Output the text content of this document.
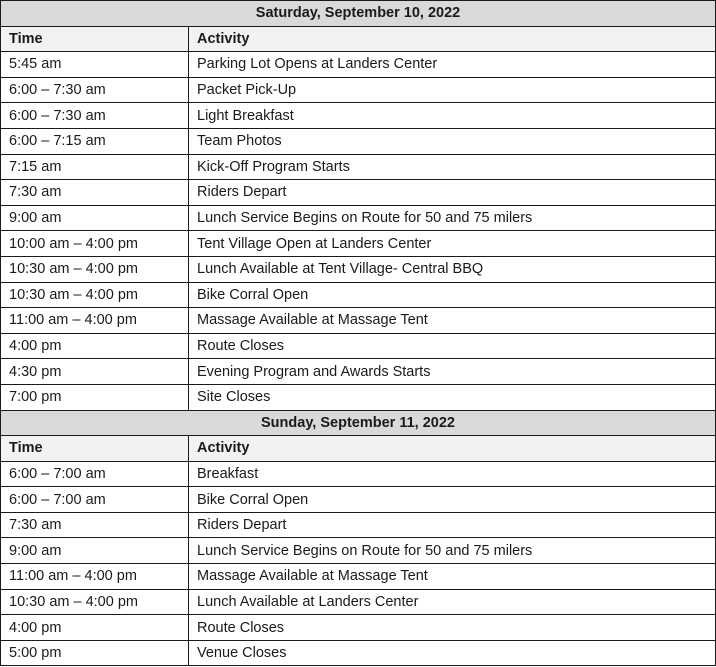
Saturday, September 10, 2022	
Time	Activity
5:45 am	Parking Lot Opens at Landers Center
6:00 – 7:30 am	Packet Pick-Up
6:00 – 7:30 am	Light Breakfast
6:00 – 7:15 am	Team Photos
7:15 am	Kick-Off Program Starts
7:30 am	Riders Depart
9:00 am	Lunch Service Begins on Route for 50 and 75 milers
10:00 am – 4:00 pm	Tent Village Open at Landers Center
10:30 am – 4:00 pm	Lunch Available at Tent Village- Central BBQ
10:30 am – 4:00 pm	Bike Corral Open
11:00 am – 4:00 pm	Massage Available at Massage Tent
4:00 pm	Route Closes
4:30 pm	Evening Program and Awards Starts
7:00 pm	Site Closes
Sunday, September 11, 2022	
Time	Activity
6:00 – 7:00 am	Breakfast
6:00 – 7:00 am	Bike Corral Open
7:30 am	Riders Depart
9:00 am	Lunch Service Begins on Route for 50 and 75 milers
11:00 am – 4:00 pm	Massage Available at Massage Tent
10:30 am – 4:00 pm	Lunch Available at Landers Center
4:00 pm	Route Closes
5:00 pm	Venue Closes
